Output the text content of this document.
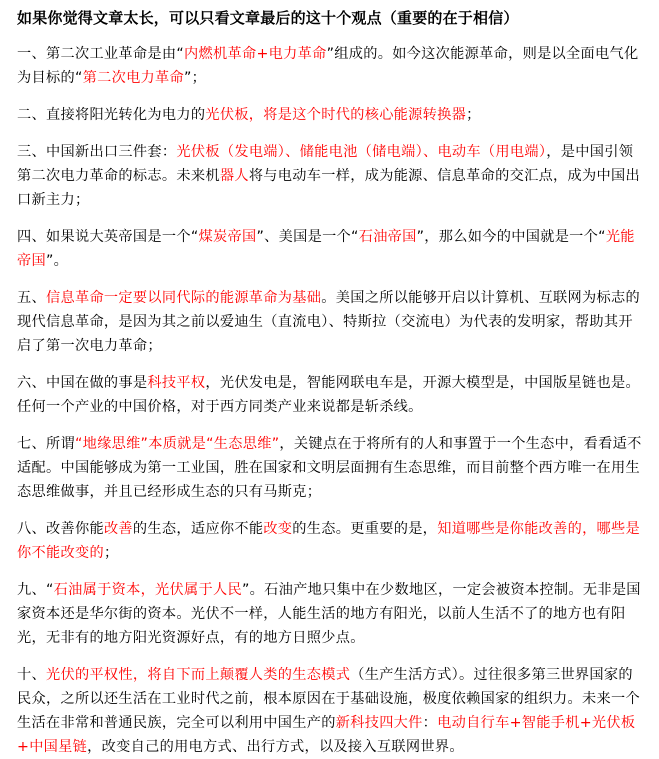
如果你觉得文章太长，可以只看文章最后的这十个观点（重要的在于相信）

一、第二次工业革命是由“内燃机革命+电力革命”组成的。如今这次能源革命，则是以全面电气化为目标的“第二次电力革命”；

二、直接将阳光转化为电力的光伏板，将是这个时代的核心能源转换器；

三、中国新出口三件套：光伏板（发电端）、储能电池（储电端）、电动车（用电端），是中国引领第二次电力革命的标志。未来机器人将与电动车一样，成为能源、信息革命的交汇点，成为中国出口新主力；

四、如果说大英帝国是一个“煤炭帝国”、美国是一个“石油帝国”，那么如今的中国就是一个“光能帝国”。

五、信息革命一定要以同代际的能源革命为基础。美国之所以能够开启以计算机、互联网为标志的现代信息革命，是因为其之前以爱迪生（直流电）、特斯拉（交流电）为代表的发明家，帮助其开启了第一次电力革命；

六、中国在做的事是科技平权，光伏发电是，智能网联电车是，开源大模型是，中国版星链也是。任何一个产业的中国价格，对于西方同类产业来说都是斩杀线。

七、所谓“地缘思维”本质就是“生态思维”，关键点在于将所有的人和事置于一个生态中，看看适不适配。中国能够成为第一工业国，胜在国家和文明层面拥有生态思维，而目前整个西方唯一在用生态思维做事，并且已经形成生态的只有马斯克；

八、改善你能改善的生态，适应你不能改变的生态。更重要的是，知道哪些是你能改善的，哪些是你不能改变的；

九、“石油属于资本，光伏属于人民”。石油产地只集中在少数地区，一定会被资本控制。无非是国家资本还是华尔街的资本。光伏不一样，人能生活的地方有阳光，以前人生活不了的地方也有阳光，无非有的地方阳光资源好点，有的地方日照少点。

十、光伏的平权性，将自下而上颠覆人类的生态模式（生产生活方式）。过往很多第三世界国家的民众，之所以还生活在工业时代之前，根本原因在于基础设施，极度依赖国家的组织力。未来一个生活在非常和普通民族，完全可以利用中国生产的新科技四大件：电动自行车+智能手机+光伏板+中国星链，改变自己的用电方式、出行方式，以及接入互联网世界。
